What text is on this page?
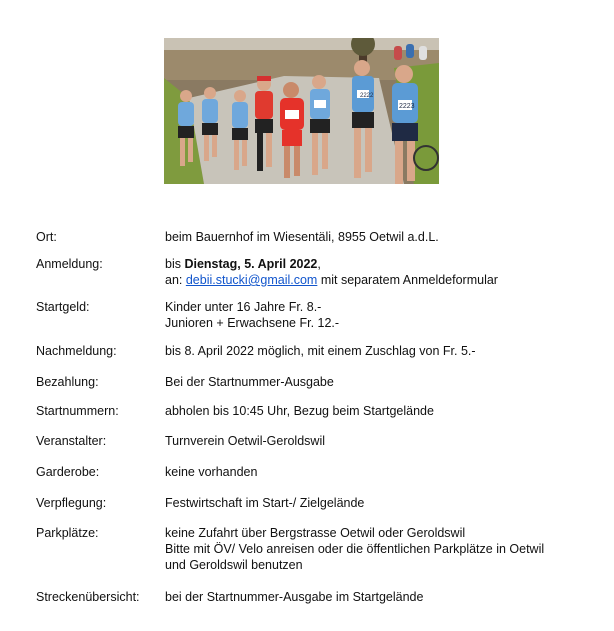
2222
2223
Ort:	beim Bauernhof im Wiesentäli, 8955 Oetwil a.d.L.
Anmeldung:	bis Dienstag, 5. April 2022,
an: debii.stucki@gmail.com mit separatem Anmeldeformular
Startgeld:	Kinder unter 16 Jahre Fr. 8.-
Junioren + Erwachsene Fr. 12.-
Nachmeldung:	bis 8. April 2022 möglich, mit einem Zuschlag von Fr. 5.-
Bezahlung:	Bei der Startnummer-Ausgabe
Startnummern:	abholen bis 10:45 Uhr, Bezug beim Startgelände
Veranstalter:	Turnverein Oetwil-Geroldswil
Garderobe:	keine vorhanden
Verpflegung:	Festwirtschaft im Start-/ Zielgelände
Parkplätze:	keine Zufahrt über Bergstrasse Oetwil oder Geroldswil
Bitte mit ÖV/ Velo anreisen oder die öffentlichen Parkplätze in Oetwil
und Geroldswil benutzen
Streckenübersicht: bei der Startnummer-Ausgabe im Startgelände
